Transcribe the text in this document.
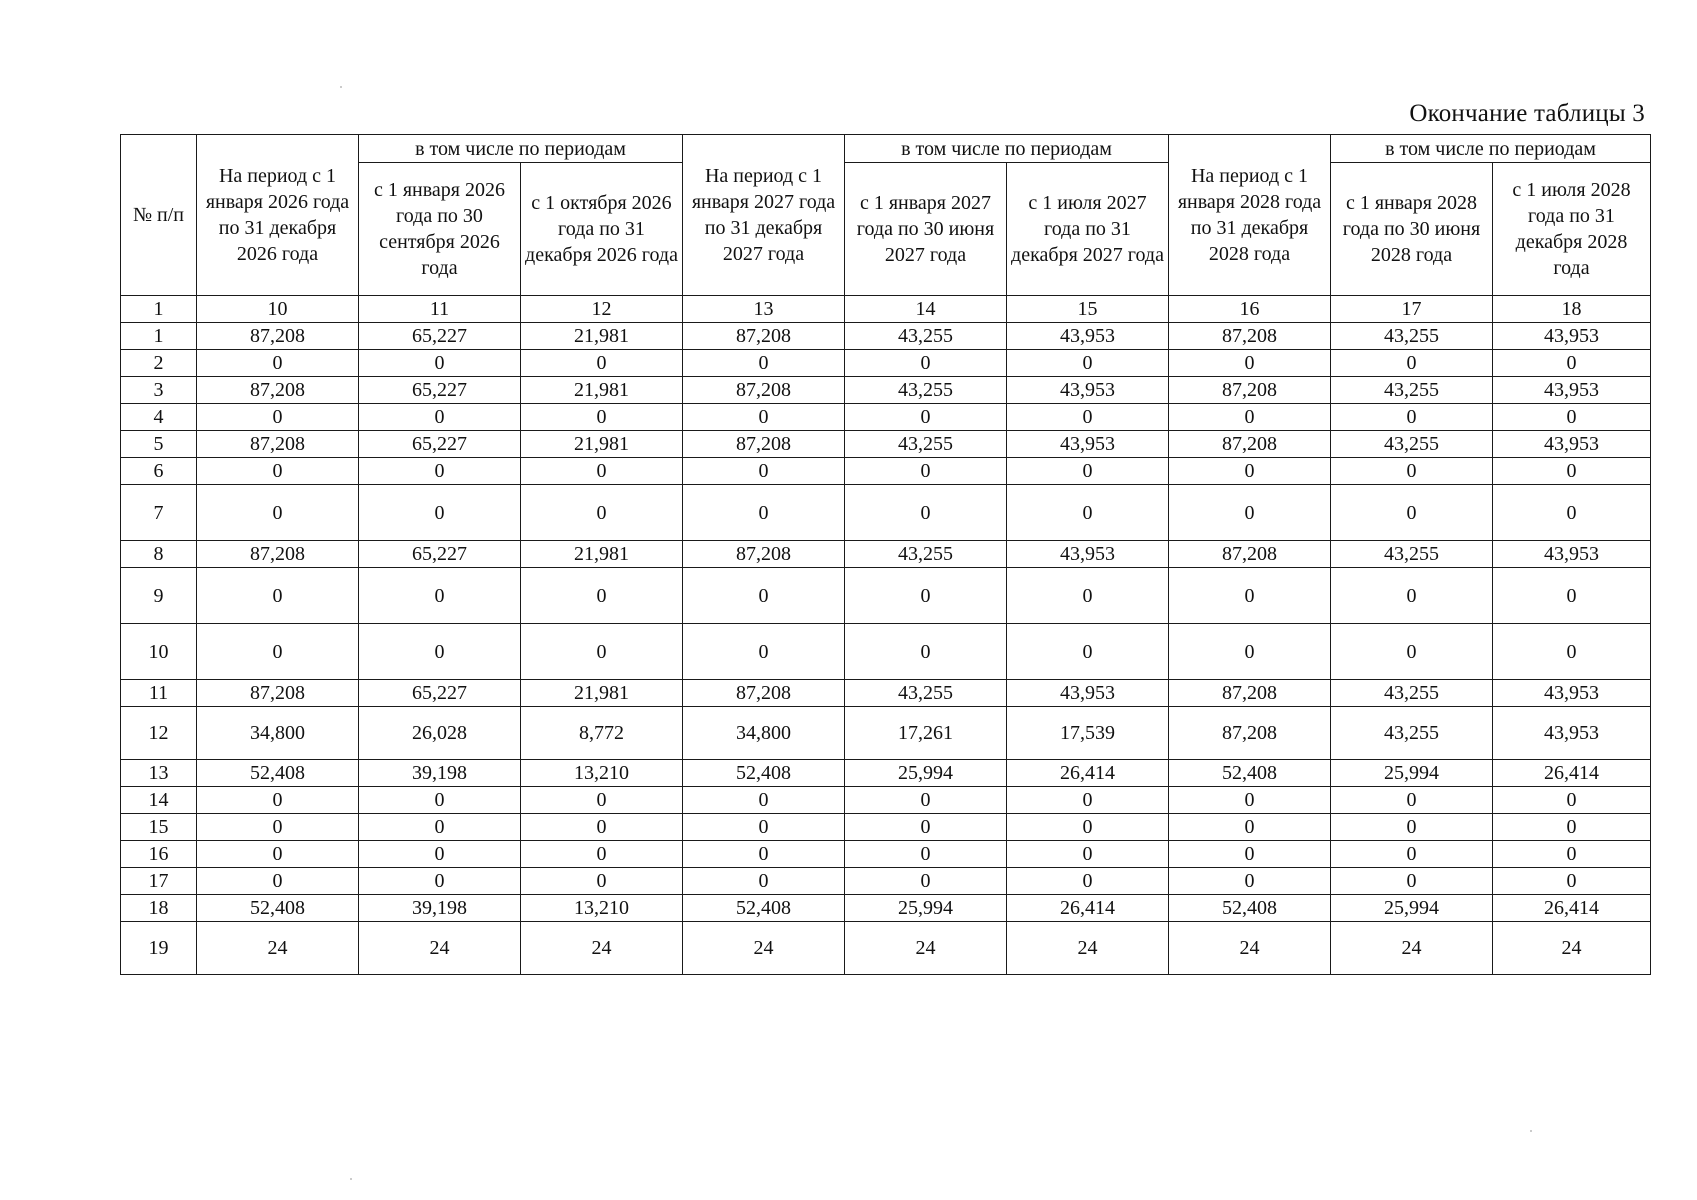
Окончание таблицы 3
№ п/п	На период с 1 января 2026 года по 31 декабря 2026 года	в том числе по периодам		На период с 1 января 2027 года по 31 декабря 2027 года	в том числе по периодам		На период с 1 января 2028 года по 31 декабря 2028 года	в том числе по периодам	
		с 1 января 2026 года по 30 сентября 2026 года	с 1 октября 2026 года по 31 декабря 2026 года		с 1 января 2027 года по 30 июня 2027 года	с 1 июля 2027 года по 31 декабря 2027 года		с 1 января 2028 года по 30 июня 2028 года	с 1 июля 2028 года по 31 декабря 2028 года
1	10	11	12	13	14	15	16	17	18
1	87,208	65,227	21,981	87,208	43,255	43,953	87,208	43,255	43,953
2	0	0	0	0	0	0	0	0	0
3	87,208	65,227	21,981	87,208	43,255	43,953	87,208	43,255	43,953
4	0	0	0	0	0	0	0	0	0
5	87,208	65,227	21,981	87,208	43,255	43,953	87,208	43,255	43,953
6	0	0	0	0	0	0	0	0	0
7	0	0	0	0	0	0	0	0	0
8	87,208	65,227	21,981	87,208	43,255	43,953	87,208	43,255	43,953
9	0	0	0	0	0	0	0	0	0
10	0	0	0	0	0	0	0	0	0
11	87,208	65,227	21,981	87,208	43,255	43,953	87,208	43,255	43,953
12	34,800	26,028	8,772	34,800	17,261	17,539	87,208	43,255	43,953
13	52,408	39,198	13,210	52,408	25,994	26,414	52,408	25,994	26,414
14	0	0	0	0	0	0	0	0	0
15	0	0	0	0	0	0	0	0	0
16	0	0	0	0	0	0	0	0	0
17	0	0	0	0	0	0	0	0	0
18	52,408	39,198	13,210	52,408	25,994	26,414	52,408	25,994	26,414
19	24	24	24	24	24	24	24	24	24
